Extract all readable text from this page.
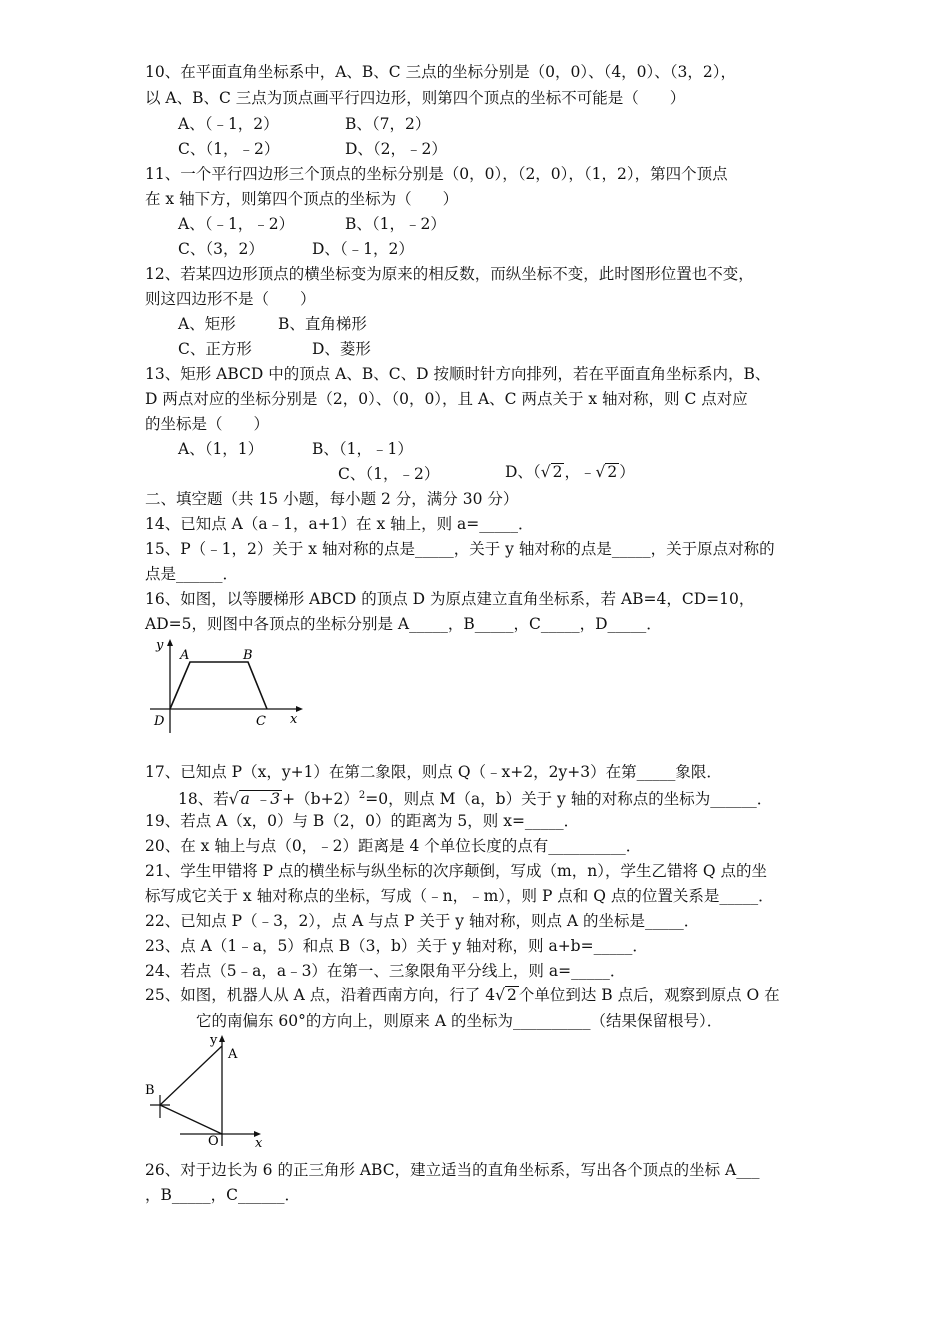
10、在平面直角坐标系中，A、B、C 三点的坐标分别是（0，0）、（4，0）、（3，2），
以 A、B、C 三点为顶点画平行四边形，则第四个顶点的坐标不可能是（　　）
A、（﹣1，2）	B、（7，2）
C、（1，﹣2）	D、（2，﹣2）
11、一个平行四边形三个顶点的坐标分别是（0，0），（2，0），（1，2），第四个顶点
在 x 轴下方，则第四个顶点的坐标为（　　）
A、（﹣1，﹣2）	B、（1，﹣2）
C、（3，2）	D、（﹣1，2）
12、若某四边形顶点的横坐标变为原来的相反数，而纵坐标不变，此时图形位置也不变，
则这四边形不是（　　）
A、矩形	B、直角梯形
C、正方形	D、菱形
13、矩形 ABCD 中的顶点 A、B、C、D 按顺时针方向排列，若在平面直角坐标系内，B、
D 两点对应的坐标分别是（2，0）、（0，0），且 A、C 两点关于 x 轴对称，则 C 点对应
的坐标是（　　）
A、（1，1）	B、（1，﹣1）
C、（1，﹣2）	D、（√ 2 ，﹣√ 2 ）
二、填空题（共 15 小题，每小题 2 分，满分 30 分）
14、已知点 A（a﹣1，a+1）在 x 轴上，则 a=_____．
15、P（﹣1，2）关于 x 轴对称的点是_____，关于 y 轴对称的点是_____，关于原点对称的
点是______．
16、如图，以等腰梯形 ABCD 的顶点 D 为原点建立直角坐标系，若 AB=4，CD=10，
AD=5，则图中各顶点的坐标分别是 A_____，B_____，C_____，D_____．
y
x
A	B
C
D
17、已知点 P（x，y+1）在第二象限，则点 Q（﹣x+2，2y+3）在第_____象限．
18、若√ a ﹣3 $+(b+2)^2=0$，则点 M（a，b）关于 y 轴的对称点的坐标为______．
19、若点 A（x，0）与 B（2，0）的距离为 5，则 x=_____．
20、在 x 轴上与点（0，﹣2）距离是 4 个单位长度的点有__________．
21、学生甲错将 P 点的横坐标与纵坐标的次序颠倒，写成（m，n），学生乙错将 Q 点的坐
标写成它关于 x 轴对称点的坐标，写成（﹣n，﹣m），则 P 点和 Q 点的位置关系是_____．
22、已知点 P（﹣3，2），点 A 与点 P 关于 y 轴对称，则点 A 的坐标是_____．
23、点 A（1﹣a，5）和点 B（3，b）关于 y 轴对称，则 a+b=_____．
24、若点（5﹣a，a﹣3）在第一、三象限角平分线上，则 a=_____．
25、如图，机器人从 A 点，沿着西南方向，行了 4√ 2 个单位到达 B 点后，观察到原点 O 在
它的南偏东 60°的方向上，则原来 A 的坐标为__________（结果保留根号）．
y
x
A
B
O
26、对于边长为 6 的正三角形 ABC，建立适当的直角坐标系，写出各个顶点的坐标 A___
，B_____，C______．
